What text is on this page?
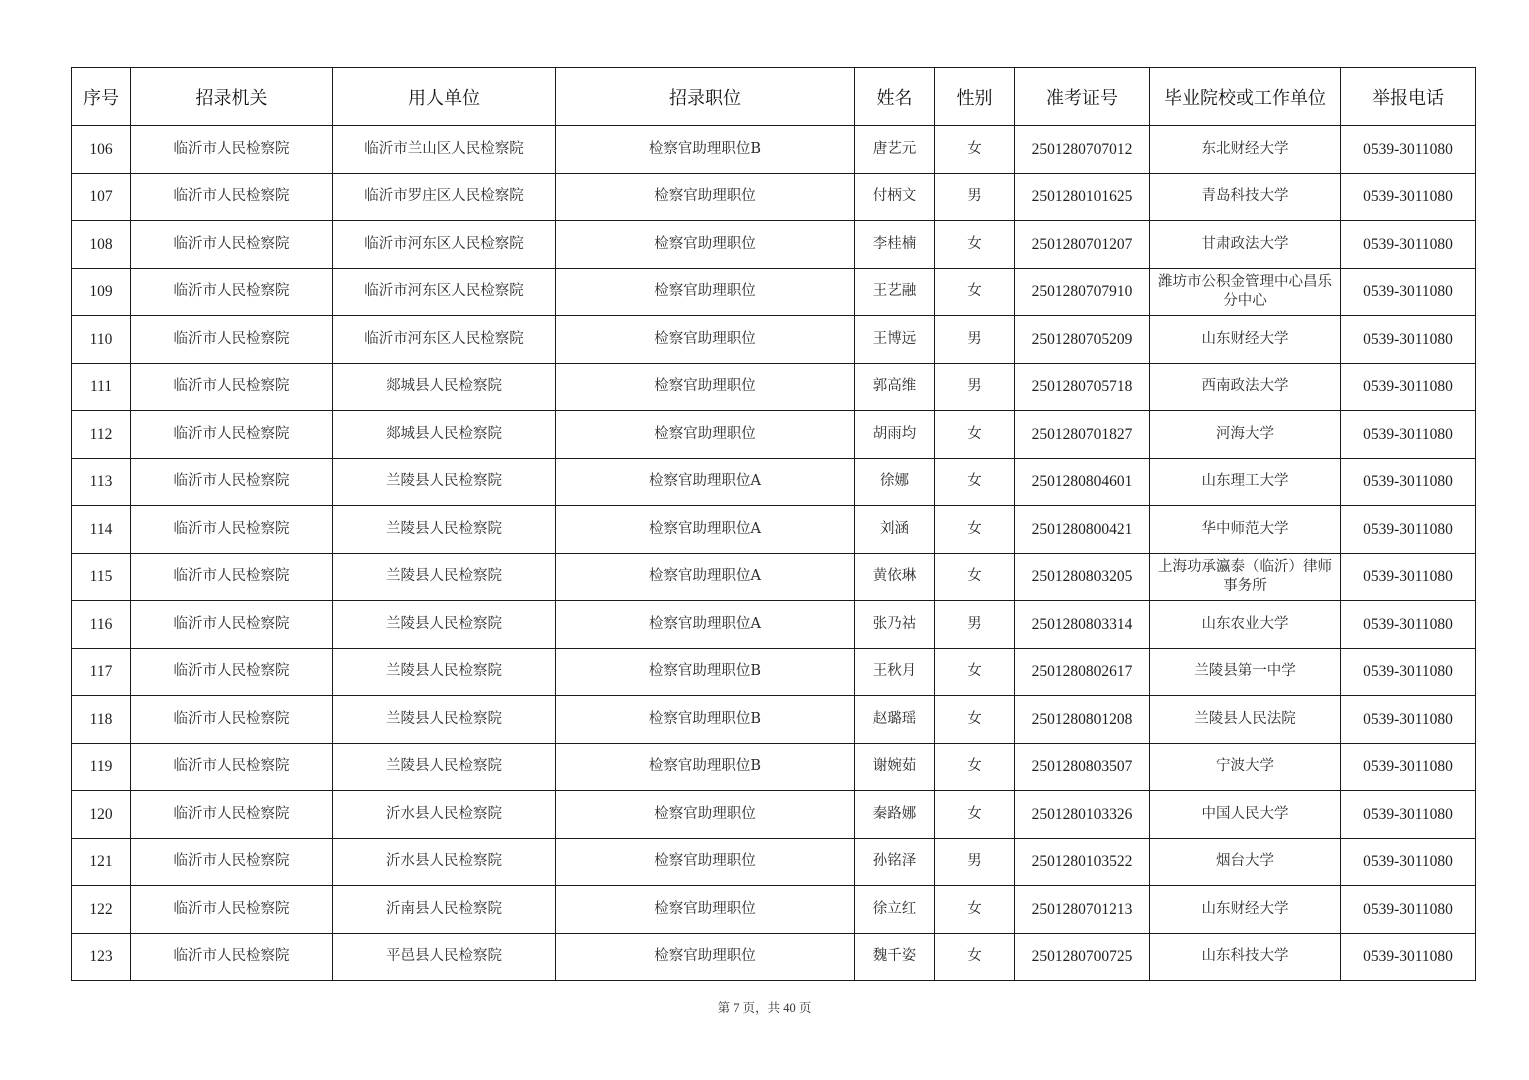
序号	招录机关	用人单位	招录职位	姓名	性别	准考证号	毕业院校或工作单位	举报电话
106	临沂市人民检察院	临沂市兰山区人民检察院	检察官助理职位B	唐艺元	女	2501280707012	东北财经大学	0539-3011080
107	临沂市人民检察院	临沂市罗庄区人民检察院	检察官助理职位	付柄文	男	2501280101625	青岛科技大学	0539-3011080
108	临沂市人民检察院	临沂市河东区人民检察院	检察官助理职位	李桂楠	女	2501280701207	甘肃政法大学	0539-3011080
109	临沂市人民检察院	临沂市河东区人民检察院	检察官助理职位	王艺融	女	2501280707910	潍坊市公积金管理中心昌乐分中心	0539-3011080
110	临沂市人民检察院	临沂市河东区人民检察院	检察官助理职位	王博远	男	2501280705209	山东财经大学	0539-3011080
111	临沂市人民检察院	郯城县人民检察院	检察官助理职位	郭高维	男	2501280705718	西南政法大学	0539-3011080
112	临沂市人民检察院	郯城县人民检察院	检察官助理职位	胡雨均	女	2501280701827	河海大学	0539-3011080
113	临沂市人民检察院	兰陵县人民检察院	检察官助理职位A	徐娜	女	2501280804601	山东理工大学	0539-3011080
114	临沂市人民检察院	兰陵县人民检察院	检察官助理职位A	刘涵	女	2501280800421	华中师范大学	0539-3011080
115	临沂市人民检察院	兰陵县人民检察院	检察官助理职位A	黄依琳	女	2501280803205	上海功承瀛泰（临沂）律师事务所	0539-3011080
116	临沂市人民检察院	兰陵县人民检察院	检察官助理职位A	张乃祜	男	2501280803314	山东农业大学	0539-3011080
117	临沂市人民检察院	兰陵县人民检察院	检察官助理职位B	王秋月	女	2501280802617	兰陵县第一中学	0539-3011080
118	临沂市人民检察院	兰陵县人民检察院	检察官助理职位B	赵璐瑶	女	2501280801208	兰陵县人民法院	0539-3011080
119	临沂市人民检察院	兰陵县人民检察院	检察官助理职位B	谢婉茹	女	2501280803507	宁波大学	0539-3011080
120	临沂市人民检察院	沂水县人民检察院	检察官助理职位	秦路娜	女	2501280103326	中国人民大学	0539-3011080
121	临沂市人民检察院	沂水县人民检察院	检察官助理职位	孙铭泽	男	2501280103522	烟台大学	0539-3011080
122	临沂市人民检察院	沂南县人民检察院	检察官助理职位	徐立红	女	2501280701213	山东财经大学	0539-3011080
123	临沂市人民检察院	平邑县人民检察院	检察官助理职位	魏千姿	女	2501280700725	山东科技大学	0539-3011080
第 7 页，共 40 页
